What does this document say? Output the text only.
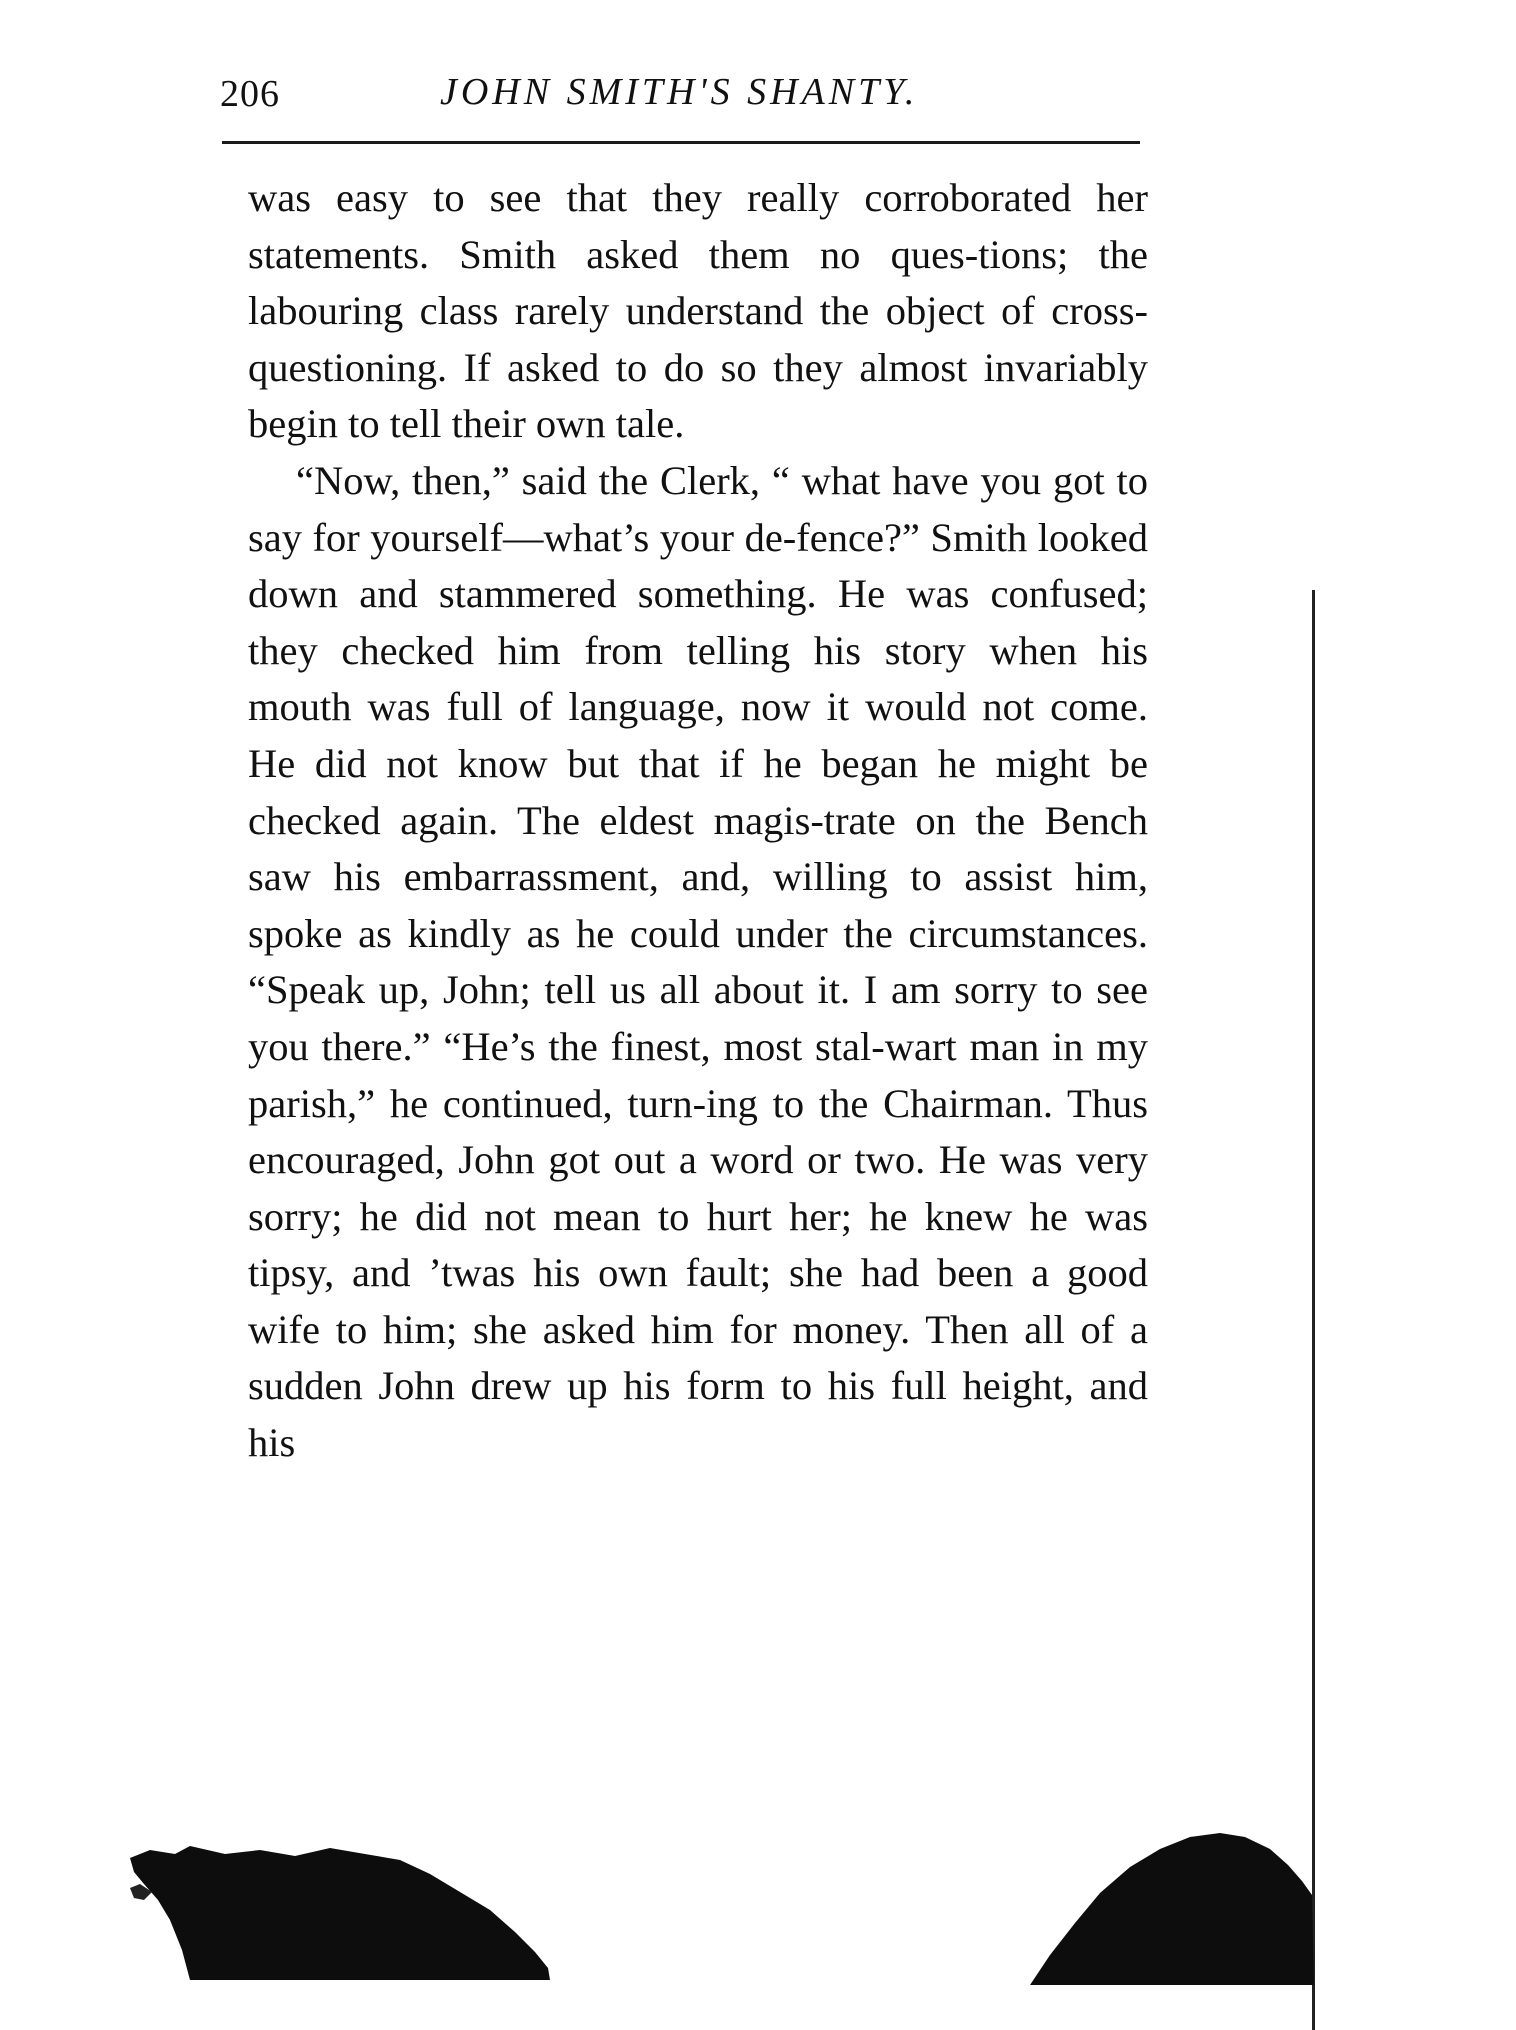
206	JOHN SMITH'S SHANTY.

was easy to see that they really corroborated her statements. Smith asked them no ques-tions; the labouring class rarely understand the object of cross-questioning. If asked to do so they almost invariably begin to tell their own tale.

“Now, then,” said the Clerk, “ what have you got to say for yourself—what’s your de-fence?” Smith looked down and stammered something. He was confused; they checked him from telling his story when his mouth was full of language, now it would not come. He did not know but that if he began he might be checked again. The eldest magis-trate on the Bench saw his embarrassment, and, willing to assist him, spoke as kindly as he could under the circumstances. “Speak up, John; tell us all about it. I am sorry to see you there.” “He’s the finest, most stal-wart man in my parish,” he continued, turn-ing to the Chairman. Thus encouraged, John got out a word or two. He was very sorry; he did not mean to hurt her; he knew he was tipsy, and ’twas his own fault; she had been a good wife to him; she asked him for money. Then all of a sudden John drew up his form to his full height, and his
